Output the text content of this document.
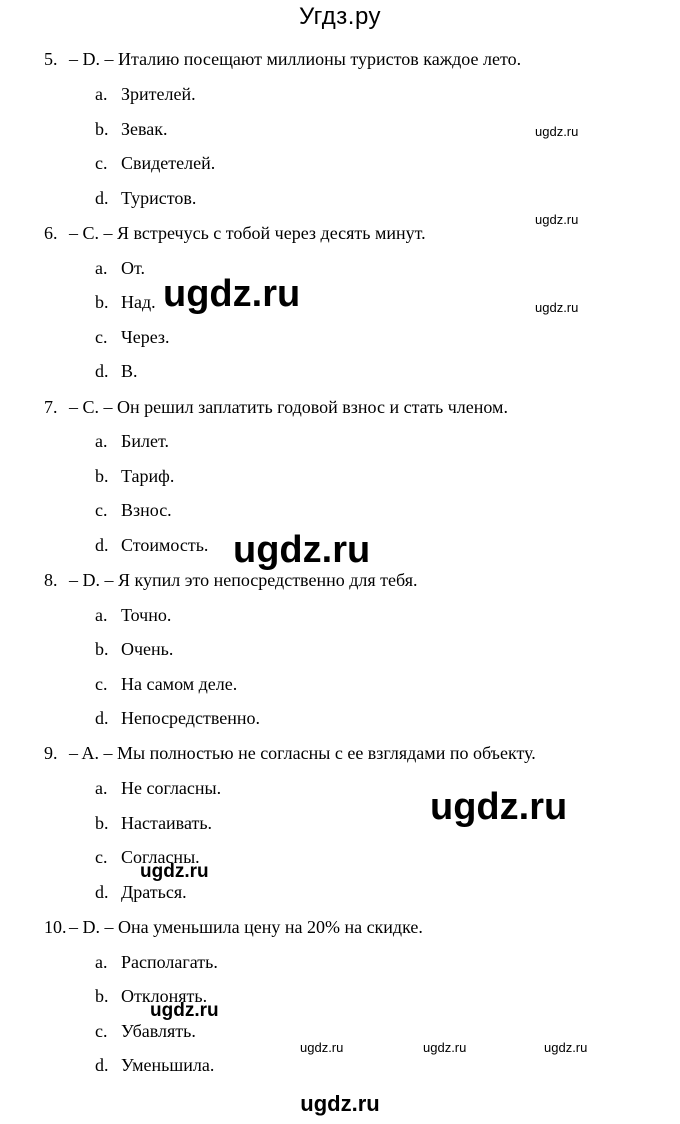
Угдз.ру
5. – D. – Италию посещают миллионы туристов каждое лето.
a. Зрителей.
b. Зевак.
c. Свидетелей.
d. Туристов.
6. – C. – Я встречусь с тобой через десять минут.
a. От.
b. Над.
c. Через.
d. В.
7. – C. – Он решил заплатить годовой взнос и стать членом.
a. Билет.
b. Тариф.
c. Взнос.
d. Стоимость.
8. – D. – Я купил это непосредственно для тебя.
a. Точно.
b. Очень.
c. На самом деле.
d. Непосредственно.
9. – A. – Мы полностью не согласны с ее взглядами по объекту.
a. Не согласны.
b. Настаивать.
c. Согласны.
d. Драться.
10. – D. – Она уменьшила цену на 20% на скидке.
a. Располагать.
b. Отклонять.
c. Убавлять.
d. Уменьшила.
ugdz.ru
ugdz.ru
ugdz.ru
ugdz.ru
ugdz.ru
ugdz.ru
ugdz.ru
ugdz.ru
ugdz.ru	ugdz.ru	ugdz.ru
ugdz.ru
